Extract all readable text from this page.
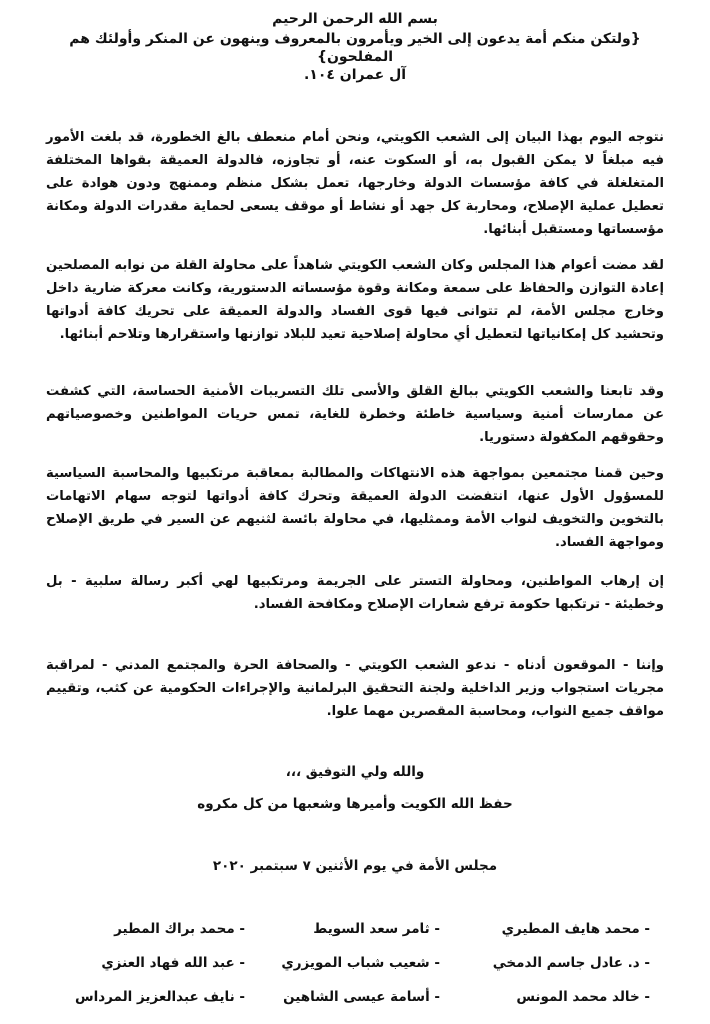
بسم الله الرحمن الرحيم
{ولتكن منكم أمة يدعون إلى الخير ويأمرون بالمعروف وينهون عن المنكر وأولئك هم المفلحون}
آل عمران ١٠٤.
نتوجه اليوم بهذا البيان إلى الشعب الكويتي، ونحن أمام منعطف بالغ الخطورة، قد بلغت الأمور فيه مبلغاً لا يمكن القبول به، أو السكوت عنه، أو تجاوزه، فالدولة العميقة بقواها المختلفة المتغلغلة في كافة مؤسسات الدولة وخارجها، تعمل بشكل منظم وممنهج ودون هوادة على تعطيل عملية الإصلاح، ومحاربة كل جهد أو نشاط أو موقف يسعى لحماية مقدرات الدولة ومكانة مؤسساتها ومستقبل أبنائها.
لقد مضت أعوام هذا المجلس وكان الشعب الكويتي شاهداً على محاولة القلة من نوابه المصلحين إعادة التوازن والحفاظ على سمعة ومكانة وقوة مؤسساته الدستورية، وكانت معركة ضارية داخل وخارج مجلس الأمة، لم تتوانى فيها قوى الفساد والدولة العميقة على تحريك كافة أدواتها وتحشيد كل إمكانياتها لتعطيل أي محاولة إصلاحية تعيد للبلاد توازنها واستقرارها وتلاحم أبنائها.
وقد تابعنا والشعب الكويتي ببالغ القلق والأسى تلك التسريبات الأمنية الحساسة، التي كشفت عن ممارسات أمنية وسياسية خاطئة وخطرة للغاية، تمس حريات المواطنين وخصوصياتهم وحقوقهم المكفولة دستوريا.
وحين قمنا مجتمعين بمواجهة هذه الانتهاكات والمطالبة بمعاقبة مرتكبيها والمحاسبة السياسية للمسؤول الأول عنها، انتفضت الدولة العميقة وتحرك كافة أدواتها لتوجه سهام الاتهامات بالتخوين والتخويف لنواب الأمة وممثليها، في محاولة بائسة لثنيهم عن السير في طريق الإصلاح ومواجهة الفساد.
إن إرهاب المواطنين، ومحاولة التستر على الجريمة ومرتكبيها لهي أكبر رسالة سلبية - بل وخطيئة - ترتكبها حكومة ترفع شعارات الإصلاح ومكافحة الفساد.
وإننا - الموقعون أدناه - ندعو الشعب الكويتي - والصحافة الحرة والمجتمع المدني - لمراقبة مجريات استجواب وزير الداخلية ولجنة التحقيق البرلمانية والإجراءات الحكومية عن كثب، وتقييم مواقف جميع النواب، ومحاسبة المقصرين مهما علوا.
والله ولي التوفيق ،،،
حفظ الله الكويت وأميرها وشعبها من كل مكروه
مجلس الأمة في يوم الأثنين ٧ سبتمبر ٢٠٢٠
- محمد هايف المطيري
- ثامر سعد السويط
- محمد براك المطير
- د. عادل جاسم الدمخي
- شعيب شباب المويزري
- عبد الله فهاد العنزي
- خالد محمد المونس
- أسامة عيسى الشاهين
- نايف عبدالعزيز المرداس
